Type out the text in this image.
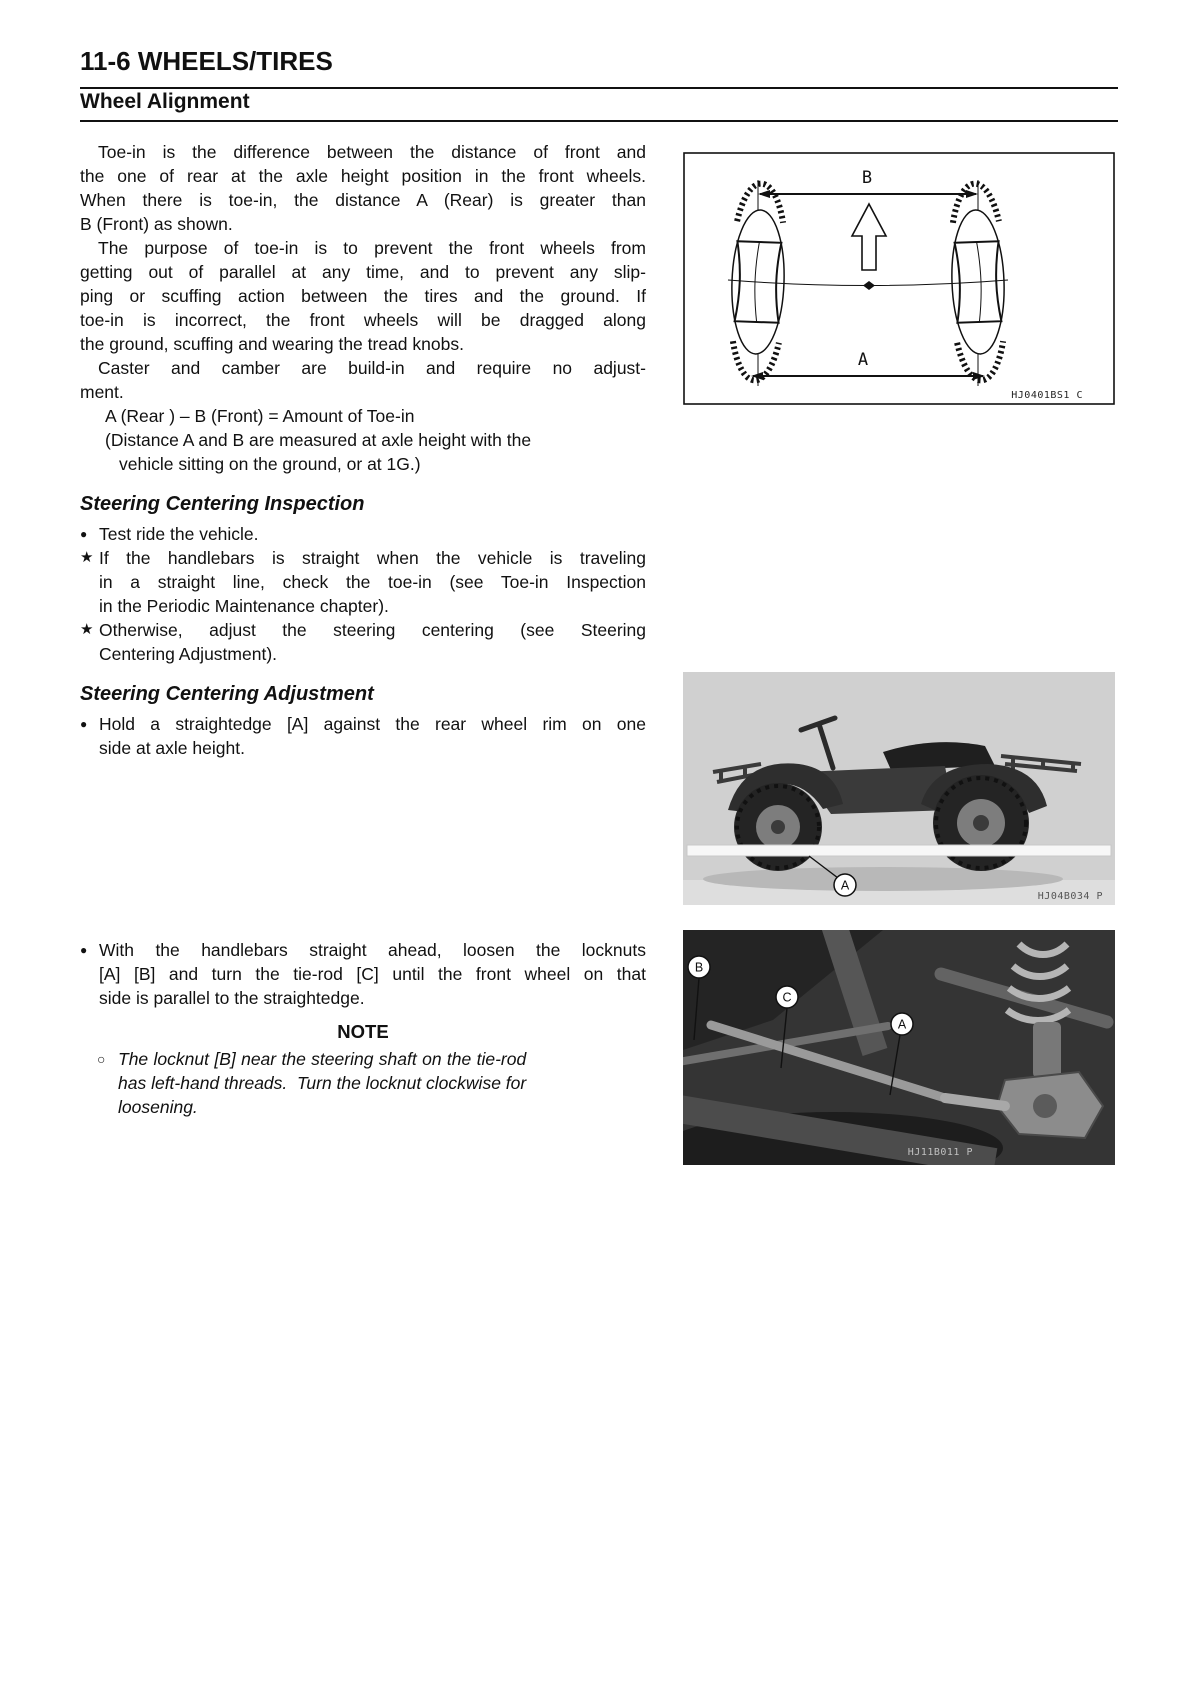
11-6 WHEELS/TIRES
Wheel Alignment
Toe-in is the difference between the distance of front and
the one of rear at the axle height position in the front wheels.
When there is toe-in, the distance A (Rear) is greater than
B (Front) as shown.
The purpose of toe-in is to prevent the front wheels from
getting out of parallel at any time, and to prevent any slip-
ping or scuffing action between the tires and the ground. If
toe-in is incorrect, the front wheels will be dragged along
the ground, scuffing and wearing the tread knobs.
Caster and camber are build-in and require no adjust-
ment.
A (Rear ) – B (Front) = Amount of Toe-in
(Distance A and B are measured at axle height with the
vehicle sitting on the ground, or at 1G.)
Steering Centering Inspection
● Test ride the vehicle.
★ If the handlebars is straight when the vehicle is traveling
in a straight line, check the toe-in (see Toe-in Inspection
in the Periodic Maintenance chapter).
★ Otherwise, adjust the steering centering (see Steering
Centering Adjustment).
Steering Centering Adjustment
● Hold a straightedge [A] against the rear wheel rim on one
side at axle height.
● With the handlebars straight ahead, loosen the locknuts
[A] [B] and turn the tie-rod [C] until the front wheel on that
side is parallel to the straightedge.
NOTE
○ The locknut [B] near the steering shaft on the tie-rod
has left-hand threads.  Turn the locknut clockwise for
loosening.
B
A
HJ0401BS1 C
A
HJ04B034 P
B
C
A
HJ11B011 P
